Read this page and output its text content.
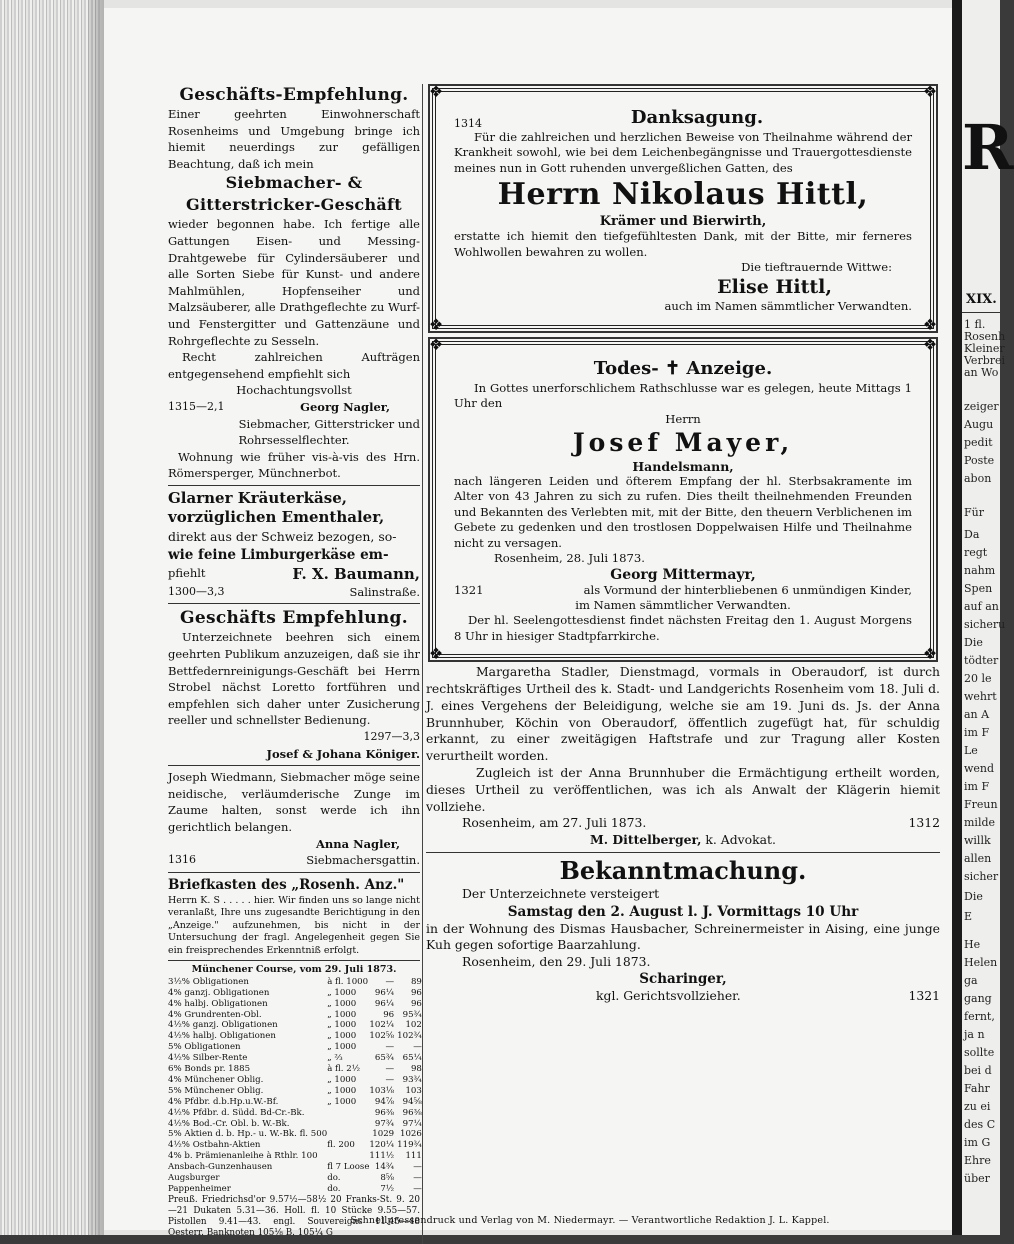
R
XIX.
1 fl.
Rosenh
Kleiner
Verbrei
an Wo
zeiger
Augu
pedit
Poste
abon
Für
Da
regt
nahm
Spen
auf an
sicheru
Die
tödter
20 le
wehrt
an A
im F
Le
wend
im F
Freun
milde
willk
allen
sicher
Die
E
He
Helen
ga
gang
fernt,
ja n
sollte
bei d
Fahr
zu ei
des C
im G
Ehre
über
Geschäfts-Empfehlung.
Einer geehrten Einwohnerschaft Rosenheims und Umgebung bringe ich hiemit neuerdings zur gefälligen Beachtung, daß ich mein
Siebmacher- & Gitterstricker-Geschäft
wieder begonnen habe. Ich fertige alle Gattungen Eisen- und Messing-Drahtgewebe für Cylindersäuberer und alle Sorten Siebe für Kunst- und andere Mahlmühlen, Hopfenseiher und Malzsäuberer, alle Drathgeflechte zu Wurf- und Fenstergitter und Gattenzäune und Rohrgeflechte zu Sesseln.
Recht zahlreichen Aufträgen entgegensehend empfiehlt sich
Hochachtungsvollst
1315—2,1	Georg Nagler,
Siebmacher, Gitterstricker und
Rohrsesselflechter.
Wohnung wie früher vis-à-vis des Hrn. Römersperger, Münchnerbot.
Glarner Kräuterkäse,
vorzüglichen Ementhaler,
direkt aus der Schweiz bezogen, so-
wie feine Limburgerkäse em-
pfiehlt	F. X. Baumann,
1300—3,3	Salinstraße.
Geschäfts Empfehlung.
Unterzeichnete beehren sich einem geehrten Publikum anzuzeigen, daß sie ihr Bettfedernreinigungs-Geschäft bei Herrn Strobel nächst Loretto fortführen und empfehlen sich daher unter Zusicherung reeller und schnellster Bedienung.
1297—3,3
Josef & Johana Königer.
Joseph Wiedmann, Siebmacher möge seine neidische, verläumderische Zunge im Zaume halten, sonst werde ich ihn gerichtlich belangen.
Anna Nagler,
1316	Siebmachersgattin.
Briefkasten des „Rosenh. Anz."
Herrn K. S . . . . . hier. Wir finden uns so lange nicht veranlaßt, Ihre uns zugesandte Berichtigung in den „Anzeige." aufzunehmen, bis nicht in der Untersuchung der fragl. Angelegenheit gegen Sie ein freisprechendes Erkenntniß erfolgt.
Münchener Course, vom 29. Juli 1873.
3½% Obligationen	à fl. 1000	—	89
4% ganzj. Obligationen	„ 1000	96¼	96
4% halbj. Obligationen	„ 1000	96¼	96
4% Grundrenten-Obl.	„ 1000	96	95¾
4½% ganzj. Obligationen	„ 1000	102¼	102
4½% halbj. Obligationen	„ 1000	102⅝	102¾
5% Obligationen	„ 1000	—	—
4½% Silber-Rente	„ ⅔	65¾	65¼
6% Bonds pr. 1885	à fl. 2½	—	98
4% Münchener Oblig.	„ 1000	—	93¾
5% Münchener Oblig.	„ 1000	103⅛	103
4% Pfdbr. d.b.Hp.u.W.-Bf.	„ 1000	94⅞	94⅝
4½% Pfdbr. d. Südd. Bd-Cr.-Bk.		96⅜	96⅜
4½% Bod.-Cr. Obl. b. W.-Bk.		97¾	97¼
5% Aktien d. b. Hp.- u. W.-Bk. fl. 500		1029	1026
4½% Ostbahn-Aktien	fl. 200	120¼	119¾
4% b. Prämienanleihe à Rthlr. 100		111½	111
Ansbach-Gunzenhausen	fl 7 Loose	14¾	—
Augsburger	do.	8⅝	—
Pappenheimer	do.	7½	—
Preuß. Friedrichsd'or 9.57½—58½ 20 Franks-St. 9. 20—21 Dukaten 5.31—36. Holl. fl. 10 Stücke 9.55—57. Pistollen 9.41—43. engl. Souvereigns 11.45—48 Oesterr. Banknoten 105⅛ B. 105¼ G
❖	❖
❖	❖
1314	Danksagung.
Für die zahlreichen und herzlichen Beweise von Theilnahme während der Krankheit sowohl, wie bei dem Leichenbegängnisse und Trauergottesdienste meines nun in Gott ruhenden unvergeßlichen Gatten, des
Herrn Nikolaus Hittl,
Krämer und Bierwirth,
erstatte ich hiemit den tiefgefühltesten Dank, mit der Bitte, mir ferneres Wohlwollen bewahren zu wollen.
Die tieftrauernde Wittwe:
Elise Hittl,
auch im Namen sämmtlicher Verwandten.
❖	❖
❖	❖
Todes- ✝ Anzeige.
In Gottes unerforschlichem Rathschlusse war es gelegen, heute Mittags 1 Uhr den
Herrn
Josef Mayer,
Handelsmann,
nach längeren Leiden und öfterem Empfang der hl. Sterbsakramente im Alter von 43 Jahren zu sich zu rufen. Dies theilt theilnehmenden Freunden und Bekannten des Verlebten mit, mit der Bitte, den theuern Verblichenen im Gebete zu gedenken und den trostlosen Doppelwaisen Hilfe und Theilnahme nicht zu versagen.
Rosenheim, 28. Juli 1873.
Georg Mittermayr,
1321	als Vormund der hinterbliebenen 6 unmündigen Kinder,
im Namen sämmtlicher Verwandten.
Der hl. Seelengottesdienst findet nächsten Freitag den 1. August Morgens 8 Uhr in hiesiger Stadtpfarrkirche.
Margaretha Stadler, Dienstmagd, vormals in Oberaudorf, ist durch rechtskräftiges Urtheil des k. Stadt- und Landgerichts Rosenheim vom 18. Juli d. J. eines Vergehens der Beleidigung, welche sie am 19. Juni ds. Js. der Anna Brunnhuber, Köchin von Oberaudorf, öffentlich zugefügt hat, für schuldig erkannt, zu einer zweitägigen Haftstrafe und zur Tragung aller Kosten verurtheilt worden.
Zugleich ist der Anna Brunnhuber die Ermächtigung ertheilt worden, dieses Urtheil zu veröffentlichen, was ich als Anwalt der Klägerin hiemit vollziehe.
Rosenheim, am 27. Juli 1873.	1312
M. Dittelberger, k. Advokat.
Bekanntmachung.
Der Unterzeichnete versteigert
Samstag den 2. August l. J. Vormittags 10 Uhr
in der Wohnung des Dismas Hausbacher, Schreinermeister in Aising, eine junge Kuh gegen sofortige Baarzahlung.
Rosenheim, den 29. Juli 1873.
Scharinger,
kgl. Gerichtsvollzieher.	1321
Schnellpressendruck und Verlag von M. Niedermayr. — Verantwortliche Redaktion J. L. Kappel.
